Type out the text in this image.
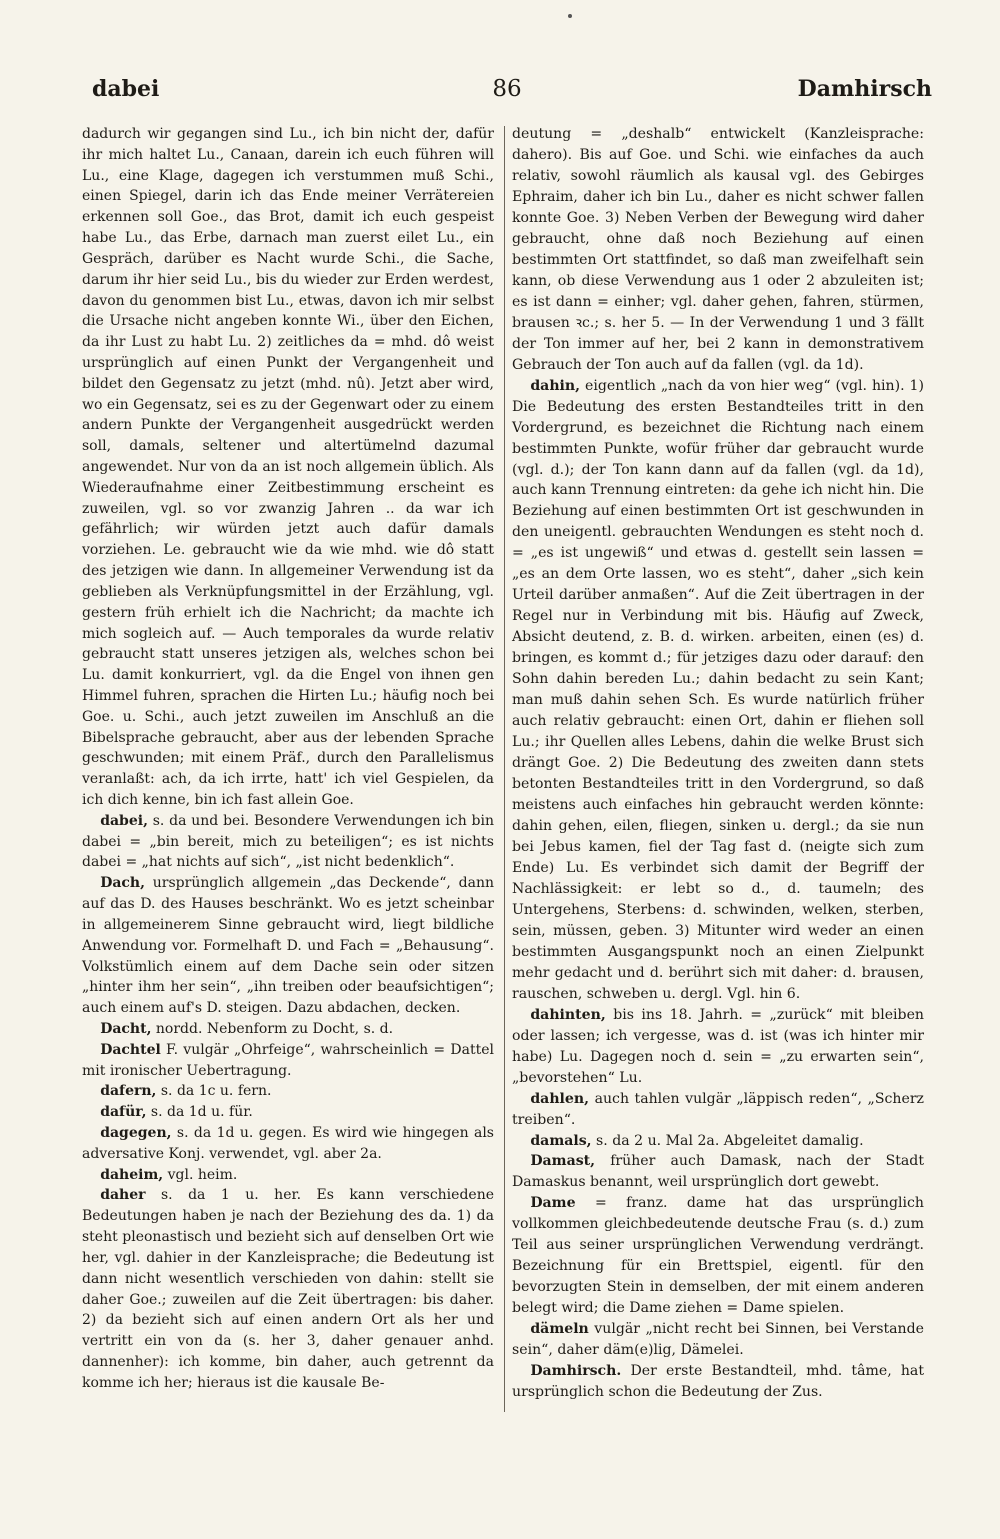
dabei	86	Damhirsch

dadurch wir gegangen sind Lu., ich bin nicht der, dafür ihr mich haltet Lu., Canaan, darein ich euch führen will Lu., eine Klage, dagegen ich verstummen muß Schi., einen Spiegel, darin ich das Ende meiner Verrätereien erkennen soll Goe., das Brot, damit ich euch gespeist habe Lu., das Erbe, darnach man zuerst eilet Lu., ein Gespräch, darüber es Nacht wurde Schi., die Sache, darum ihr hier seid Lu., bis du wieder zur Erden werdest, davon du genommen bist Lu., etwas, davon ich mir selbst die Ursache nicht angeben konnte Wi., über den Eichen, da ihr Lust zu habt Lu. 2) zeitliches da = mhd. dô weist ursprünglich auf einen Punkt der Vergangenheit und bildet den Gegensatz zu jetzt (mhd. nû). Jetzt aber wird, wo ein Gegensatz, sei es zu der Gegenwart oder zu einem andern Punkte der Vergangenheit ausgedrückt werden soll, damals, seltener und altertümelnd dazumal angewendet. Nur von da an ist noch allgemein üblich. Als Wiederaufnahme einer Zeitbestimmung erscheint es zuweilen, vgl. so vor zwanzig Jahren .. da war ich gefährlich; wir würden jetzt auch dafür damals vorziehen. Le. gebraucht wie da wie mhd. wie dô statt des jetzigen wie dann. In allgemeiner Verwendung ist da geblieben als Verknüpfungsmittel in der Erzählung, vgl. gestern früh erhielt ich die Nachricht; da machte ich mich sogleich auf. — Auch temporales da wurde relativ gebraucht statt unseres jetzigen als, welches schon bei Lu. damit konkurriert, vgl. da die Engel von ihnen gen Himmel fuhren, sprachen die Hirten Lu.; häufig noch bei Goe. u. Schi., auch jetzt zuweilen im Anschluß an die Bibelsprache gebraucht, aber aus der lebenden Sprache geschwunden; mit einem Präf., durch den Parallelismus veranlaßt: ach, da ich irrte, hatt' ich viel Gespielen, da ich dich kenne, bin ich fast allein Goe.

dabei, s. da und bei. Besondere Verwendungen ich bin dabei = „bin bereit, mich zu beteiligen“; es ist nichts dabei = „hat nichts auf sich“, „ist nicht bedenklich“.

Dach, ursprünglich allgemein „das Deckende“, dann auf das D. des Hauses beschränkt. Wo es jetzt scheinbar in allgemeinerem Sinne gebraucht wird, liegt bildliche Anwendung vor. Formelhaft D. und Fach = „Behausung“. Volkstümlich einem auf dem Dache sein oder sitzen „hinter ihm her sein“, „ihn treiben oder beaufsichtigen“; auch einem auf's D. steigen. Dazu abdachen, decken.

Dacht, nordd. Nebenform zu Docht, s. d.

Dachtel F. vulgär „Ohrfeige“, wahrscheinlich = Dattel mit ironischer Uebertragung.

dafern, s. da 1c u. fern.

dafür, s. da 1d u. für.

dagegen, s. da 1d u. gegen. Es wird wie hingegen als adversative Konj. verwendet, vgl. aber 2a.

daheim, vgl. heim.

daher s. da 1 u. her. Es kann verschiedene Bedeutungen haben je nach der Beziehung des da. 1) da steht pleonastisch und bezieht sich auf denselben Ort wie her, vgl. dahier in der Kanzleisprache; die Bedeutung ist dann nicht wesentlich verschieden von dahin: stellt sie daher Goe.; zuweilen auf die Zeit übertragen: bis daher. 2) da bezieht sich auf einen andern Ort als her und vertritt ein von da (s. her 3, daher genauer anhd. dannenher): ich komme, bin daher, auch getrennt da komme ich her; hieraus ist die kausale Be-

deutung = „deshalb“ entwickelt (Kanzleisprache: dahero). Bis auf Goe. und Schi. wie einfaches da auch relativ, sowohl räumlich als kausal vgl. des Gebirges Ephraim, daher ich bin Lu., daher es nicht schwer fallen konnte Goe. 3) Neben Verben der Bewegung wird daher gebraucht, ohne daß noch Beziehung auf einen bestimmten Ort stattfindet, so daß man zweifelhaft sein kann, ob diese Verwendung aus 1 oder 2 abzuleiten ist; es ist dann = einher; vgl. daher gehen, fahren, stürmen, brausen ꝛc.; s. her 5. — In der Verwendung 1 und 3 fällt der Ton immer auf her, bei 2 kann in demonstrativem Gebrauch der Ton auch auf da fallen (vgl. da 1d).

dahin, eigentlich „nach da von hier weg“ (vgl. hin). 1) Die Bedeutung des ersten Bestandteiles tritt in den Vordergrund, es bezeichnet die Richtung nach einem bestimmten Punkte, wofür früher dar gebraucht wurde (vgl. d.); der Ton kann dann auf da fallen (vgl. da 1d), auch kann Trennung eintreten: da gehe ich nicht hin. Die Beziehung auf einen bestimmten Ort ist geschwunden in den uneigentl. gebrauchten Wendungen es steht noch d. = „es ist ungewiß“ und etwas d. gestellt sein lassen = „es an dem Orte lassen, wo es steht“, daher „sich kein Urteil darüber anmaßen“. Auf die Zeit übertragen in der Regel nur in Verbindung mit bis. Häufig auf Zweck, Absicht deutend, z. B. d. wirken. arbeiten, einen (es) d. bringen, es kommt d.; für jetziges dazu oder darauf: den Sohn dahin bereden Lu.; dahin bedacht zu sein Kant; man muß dahin sehen Sch. Es wurde natürlich früher auch relativ gebraucht: einen Ort, dahin er fliehen soll Lu.; ihr Quellen alles Lebens, dahin die welke Brust sich drängt Goe. 2) Die Bedeutung des zweiten dann stets betonten Bestandteiles tritt in den Vordergrund, so daß meistens auch einfaches hin gebraucht werden könnte: dahin gehen, eilen, fliegen, sinken u. dergl.; da sie nun bei Jebus kamen, fiel der Tag fast d. (neigte sich zum Ende) Lu. Es verbindet sich damit der Begriff der Nachlässigkeit: er lebt so d., d. taumeln; des Untergehens, Sterbens: d. schwinden, welken, sterben, sein, müssen, geben. 3) Mitunter wird weder an einen bestimmten Ausgangspunkt noch an einen Zielpunkt mehr gedacht und d. berührt sich mit daher: d. brausen, rauschen, schweben u. dergl. Vgl. hin 6.

dahinten, bis ins 18. Jahrh. = „zurück“ mit bleiben oder lassen; ich vergesse, was d. ist (was ich hinter mir habe) Lu. Dagegen noch d. sein = „zu erwarten sein“, „bevorstehen“ Lu.

dahlen, auch tahlen vulgär „läppisch reden“, „Scherz treiben“.

damals, s. da 2 u. Mal 2a. Abgeleitet damalig.

Damast, früher auch Damask, nach der Stadt Damaskus benannt, weil ursprünglich dort gewebt.

Dame = franz. dame hat das ursprünglich vollkommen gleichbedeutende deutsche Frau (s. d.) zum Teil aus seiner ursprünglichen Verwendung verdrängt. Bezeichnung für ein Brettspiel, eigentl. für den bevorzugten Stein in demselben, der mit einem anderen belegt wird; die Dame ziehen = Dame spielen.

dämeln vulgär „nicht recht bei Sinnen, bei Verstande sein“, daher däm(e)lig, Dämelei.

Damhirsch. Der erste Bestandteil, mhd. tâme, hat ursprünglich schon die Bedeutung der Zus.
